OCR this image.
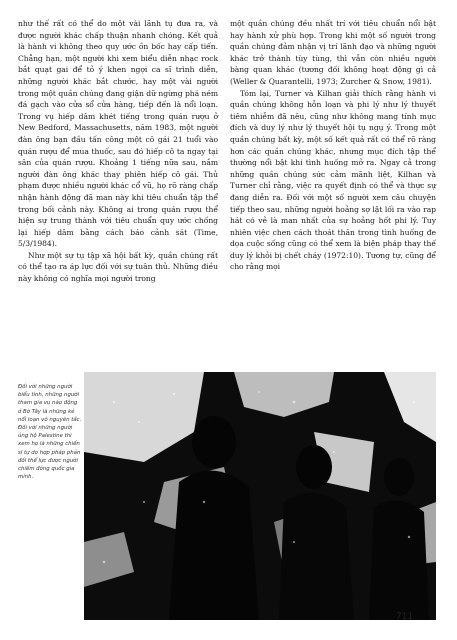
như thế rất có thể do một vài lãnh tụ đưa ra, và được người khác chấp thuận nhanh chóng. Kết quả là hành vi không theo quy ước ồn bốc hay cấp tiến. Chẳng hạn, một người khi xem biểu diễn nhạc rock bắt quạt gai để tỏ ý khen ngợi ca sĩ trình diễn, những người khác bắt chước, hay một vài người trong một quần chúng đang giận dữ ngừng phá ném đá gạch vào cửa sổ cửa hàng, tiếp đến là nổi loạn. Trong vụ hiếp dâm khét tiếng trong quán rượu ở New Bedford, Massachusetts, năm 1983, một người đàn ông bạn đầu tấn công một cô gái 21 tuổi vào quán rượu để mua thuốc, sau đó hiếp cô ta ngay tại sân của quán rượu. Khoảng 1 tiếng nữa sau, nắm người đàn ông khác thay phiên hiếp cô gái. Thủ phạm được nhiều người khác cổ vũ, họ rõ ràng chấp nhận hành động đã man này khi tiêu chuẩn tập thể trong bối cảnh này. Không ai trong quán rượu thể hiện sự trung thành với tiêu chuẩn quy ước chống lại hiếp dâm bằng cách báo cảnh sát (Time, 5/3/1984).

Như một sự tụ tập xã hội bất kỳ, quần chúng rất có thể tạo ra áp lực đối với sự tuân thủ. Những điều này không có nghĩa mọi người trong

một quần chúng đều nhất trí với tiêu chuẩn nổi bật hay hành xử phù hợp. Trong khi một số người trong quần chúng đảm nhận vị trí lãnh đạo và những người khác trở thành tùy tùng, thì vẫn còn nhiều người bàng quan khác (tương đối không hoạt động gì cả (Weller & Quarantelli, 1973; Zurcher & Snow, 1981).

Tóm lại, Turner và Kilhan giải thích rằng hành vi quần chúng không hỗn loạn và phi lý như lý thuyết tiêm nhiễm đã nêu, cũng như không mang tính mục đích và duy lý như lý thuyết hội tụ ngụ ý. Trong một quần chúng bất kỳ, một số kết quả rất có thể rõ ràng hơn các quần chúng khác, nhưng mục đích tập thể thường nổi bật khi tình huống mở ra. Ngay cả trong những quần chúng sức cảm mãnh liệt, Kilhan và Turner chỉ rằng, việc ra quyết định có thể và thực sự đang diễn ra. Đối với một số người xem câu chuyện tiếp theo sau, những người hoảng sợ lật lối ra vào rap hát có vẻ là man nhất của sự hoảng hốt phi lý. Tuy nhiên việc chen cách thoát thân trong tình huống đe dọa cuộc sống cũng có thể xem là biện pháp thay thế duy lý khỏi bị chết cháy (1972:10). Tương tự, cũng để cho rằng mọi

Đối với những người biểu tình, những người tham gia vụ náo động ở Bờ Tây là những kẻ nổi loạn vô nguyên tắc. Đối với những người ủng hộ Palestine thì xem họ là những chiến sĩ tự do hợp pháp phản đối thể lực được người chiếm đóng quốc gia mình.
711
